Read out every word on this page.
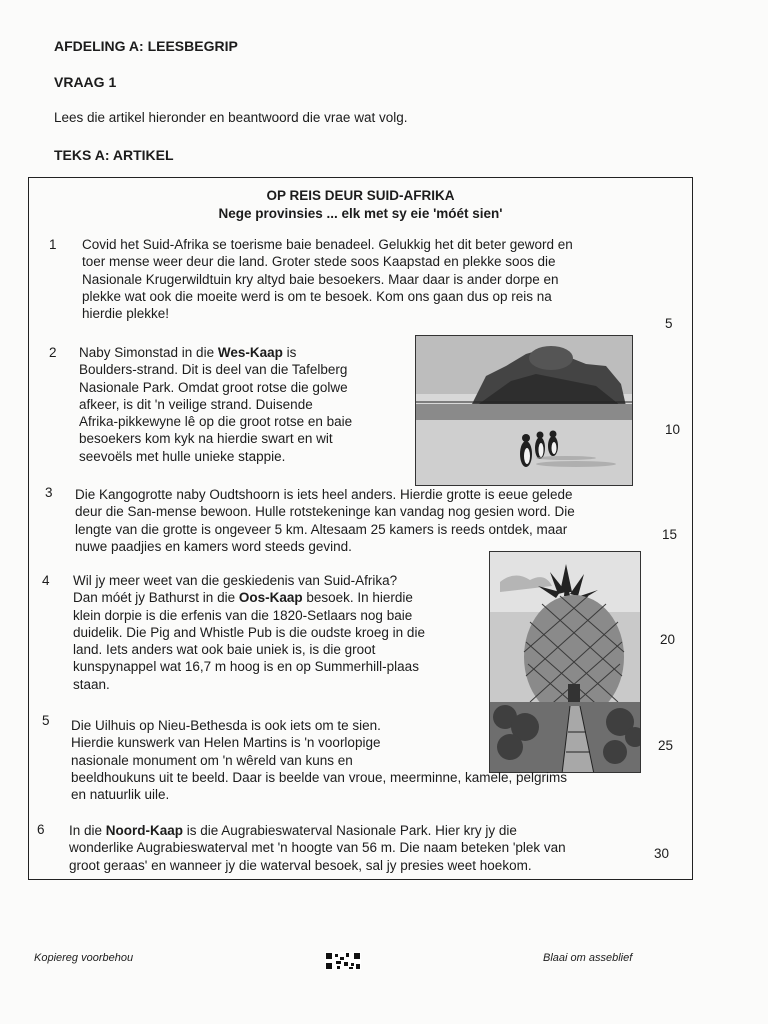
AFDELING A: LEESBEGRIP
VRAAG 1
Lees die artikel hieronder en beantwoord die vrae wat volg.
TEKS A: ARTIKEL
OP REIS DEUR SUID-AFRIKA
Nege provinsies ... elk met sy eie 'móét sien'
1 Covid het Suid-Afrika se toerisme baie benadeel. Gelukkig het dit beter geword en
toer mense weer deur die land. Groter stede soos Kaapstad en plekke soos die
Nasionale Krugerwildtuin kry altyd baie besoekers. Maar daar is ander dorpe en
plekke wat ook die moeite werd is om te besoek. Kom ons gaan dus op reis na
hierdie plekke!
2 Naby Simonstad in die Wes-Kaap is
Boulders-strand. Dit is deel van die Tafelberg
Nasionale Park. Omdat groot rotse die golwe
afkeer, is dit 'n veilige strand. Duisende
Afrika-pikkewyne lê op die groot rotse en baie
besoekers kom kyk na hierdie swart en wit
seevoëls met hulle unieke stappie.
3 Die Kangogrotte naby Oudtshoorn is iets heel anders. Hierdie grotte is eeue gelede
deur die San-mense bewoon. Hulle rotstekeninge kan vandag nog gesien word. Die
lengte van die grotte is ongeveer 5 km. Altesaam 25 kamers is reeds ontdek, maar
nuwe paadjies en kamers word steeds gevind.
4 Wil jy meer weet van die geskiedenis van Suid-Afrika?
Dan móét jy Bathurst in die Oos-Kaap besoek. In hierdie
klein dorpie is die erfenis van die 1820-Setlaars nog baie
duidelik. Die Pig and Whistle Pub is die oudste kroeg in die
land. Iets anders wat ook baie uniek is, is die groot
kunspynappel wat 16,7 m hoog is en op Summerhill-plaas
staan.
5 Die Uilhuis op Nieu-Bethesda is ook iets om te sien.
Hierdie kunswerk van Helen Martins is 'n voorlopige
nasionale monument om 'n wêreld van kuns en
beeldhoukuns uit te beeld. Daar is beelde van vroue, meerminne, kamele, pelgrims
en natuurlik uile.
6 In die Noord-Kaap is die Augrabieswaterval Nasionale Park. Hier kry jy die
wonderlike Augrabieswaterval met 'n hoogte van 56 m. Die naam beteken 'plek van
groot geraas' en wanneer jy die waterval besoek, sal jy presies weet hoekom.
5
10
15
20
25
30
Kopiereg voorbehou	Blaai om asseblief
